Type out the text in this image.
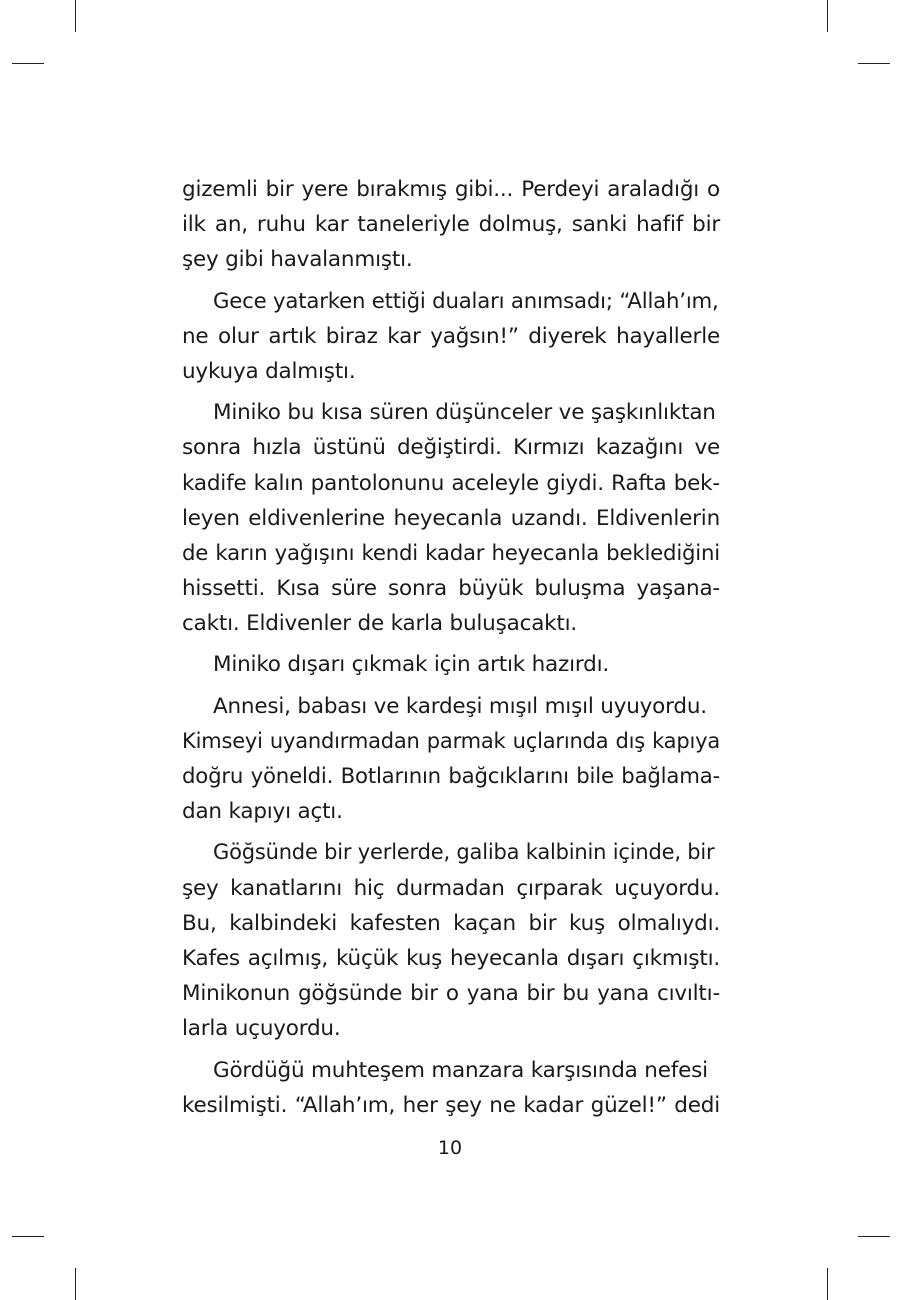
gizemli bir yere bırakmış gibi... Perdeyi araladığı o
ilk an, ruhu kar taneleriyle dolmuş, sanki hafif bir
şey gibi havalanmıştı.
Gece yatarken ettiği duaları anımsadı; “Allah’ım,
ne olur artık biraz kar yağsın!” diyerek hayallerle
uykuya dalmıştı.
Miniko bu kısa süren düşünceler ve şaşkınlıktan
sonra hızla üstünü değiştirdi. Kırmızı kazağını ve
kadife kalın pantolonunu aceleyle giydi. Rafta bek-
leyen eldivenlerine heyecanla uzandı. Eldivenlerin
de karın yağışını kendi kadar heyecanla beklediğini
hissetti. Kısa süre sonra büyük buluşma yaşana-
caktı. Eldivenler de karla buluşacaktı.
Miniko dışarı çıkmak için artık hazırdı.
Annesi, babası ve kardeşi mışıl mışıl uyuyordu.
Kimseyi uyandırmadan parmak uçlarında dış kapıya
doğru yöneldi. Botlarının bağcıklarını bile bağlama-
dan kapıyı açtı.
Göğsünde bir yerlerde, galiba kalbinin içinde, bir
şey kanatlarını hiç durmadan çırparak uçuyordu.
Bu, kalbindeki kafesten kaçan bir kuş olmalıydı.
Kafes açılmış, küçük kuş heyecanla dışarı çıkmıştı.
Minikonun göğsünde bir o yana bir bu yana cıvıltı-
larla uçuyordu.
Gördüğü muhteşem manzara karşısında nefesi
kesilmişti. “Allah’ım, her şey ne kadar güzel!” dedi
10
